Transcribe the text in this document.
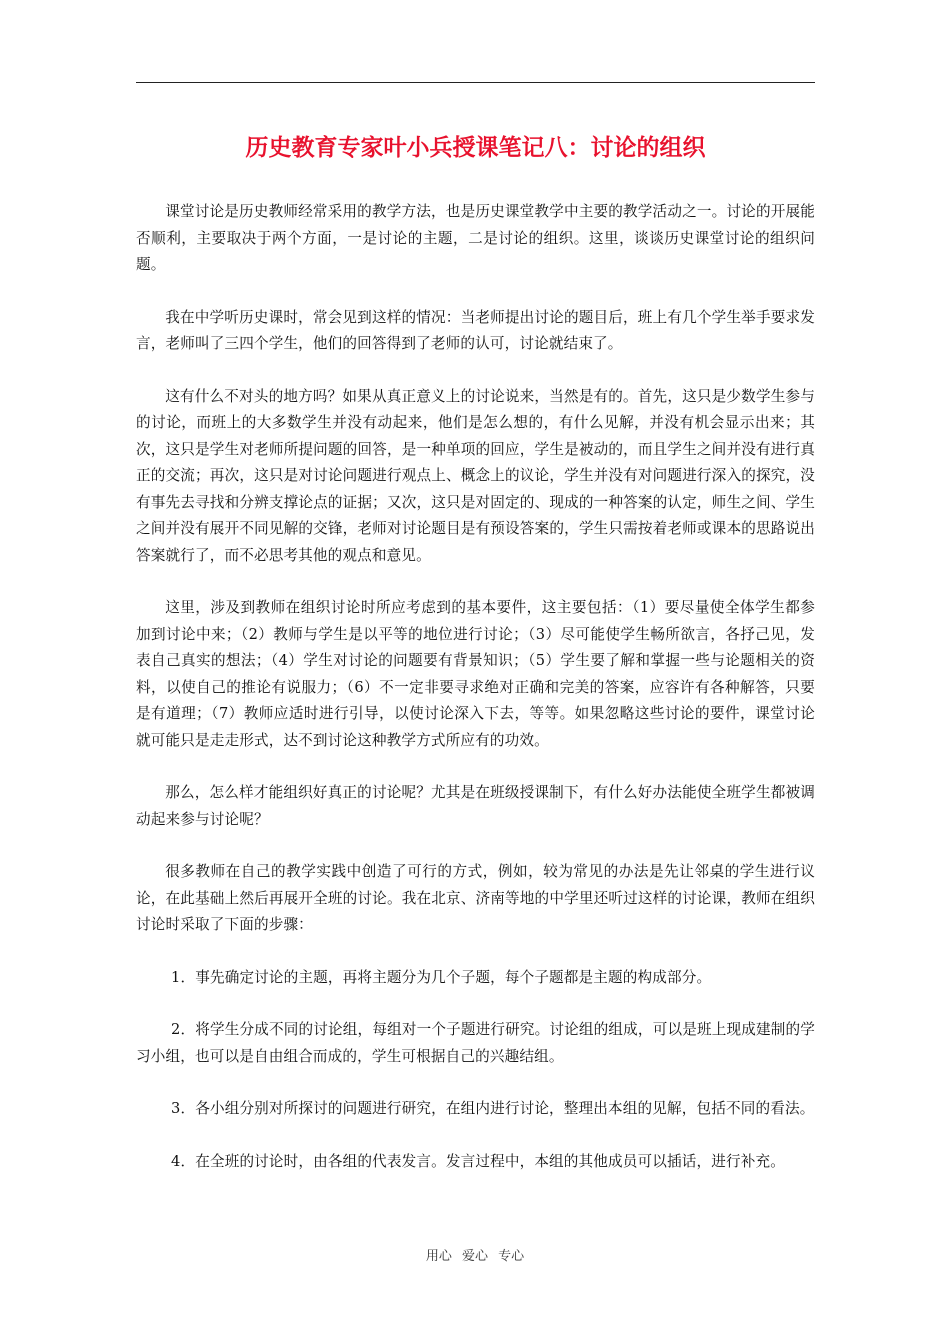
历史教育专家叶小兵授课笔记八：讨论的组织

课堂讨论是历史教师经常采用的教学方法，也是历史课堂教学中主要的教学活动之一。讨论的开展能否顺利，主要取决于两个方面，一是讨论的主题，二是讨论的组织。这里，谈谈历史课堂讨论的组织问题。

我在中学听历史课时，常会见到这样的情况：当老师提出讨论的题目后，班上有几个学生举手要求发言，老师叫了三四个学生，他们的回答得到了老师的认可，讨论就结束了。

这有什么不对头的地方吗？如果从真正意义上的讨论说来，当然是有的。首先，这只是少数学生参与的讨论，而班上的大多数学生并没有动起来，他们是怎么想的，有什么见解，并没有机会显示出来；其次，这只是学生对老师所提问题的回答，是一种单项的回应，学生是被动的，而且学生之间并没有进行真正的交流；再次，这只是对讨论问题进行观点上、概念上的议论，学生并没有对问题进行深入的探究，没有事先去寻找和分辨支撑论点的证据；又次，这只是对固定的、现成的一种答案的认定，师生之间、学生之间并没有展开不同见解的交锋，老师对讨论题目是有预设答案的，学生只需按着老师或课本的思路说出答案就行了，而不必思考其他的观点和意见。

这里，涉及到教师在组织讨论时所应考虑到的基本要件，这主要包括：（1）要尽量使全体学生都参加到讨论中来；（2）教师与学生是以平等的地位进行讨论；（3）尽可能使学生畅所欲言，各抒己见，发表自己真实的想法；（4）学生对讨论的问题要有背景知识；（5）学生要了解和掌握一些与论题相关的资料，以使自己的推论有说服力；（6）不一定非要寻求绝对正确和完美的答案，应容许有各种解答，只要是有道理；（7）教师应适时进行引导，以使讨论深入下去，等等。如果忽略这些讨论的要件，课堂讨论就可能只是走走形式，达不到讨论这种教学方式所应有的功效。

那么，怎么样才能组织好真正的讨论呢？尤其是在班级授课制下，有什么好办法能使全班学生都被调动起来参与讨论呢？

很多教师在自己的教学实践中创造了可行的方式，例如，较为常见的办法是先让邻桌的学生进行议论，在此基础上然后再展开全班的讨论。我在北京、济南等地的中学里还听过这样的讨论课，教师在组织讨论时采取了下面的步骤：

1．事先确定讨论的主题，再将主题分为几个子题，每个子题都是主题的构成部分。

2．将学生分成不同的讨论组，每组对一个子题进行研究。讨论组的组成，可以是班上现成建制的学习小组，也可以是自由组合而成的，学生可根据自己的兴趣结组。

3．各小组分别对所探讨的问题进行研究，在组内进行讨论，整理出本组的见解，包括不同的看法。

4．在全班的讨论时，由各组的代表发言。发言过程中，本组的其他成员可以插话，进行补充。

用心 爱心 专心
